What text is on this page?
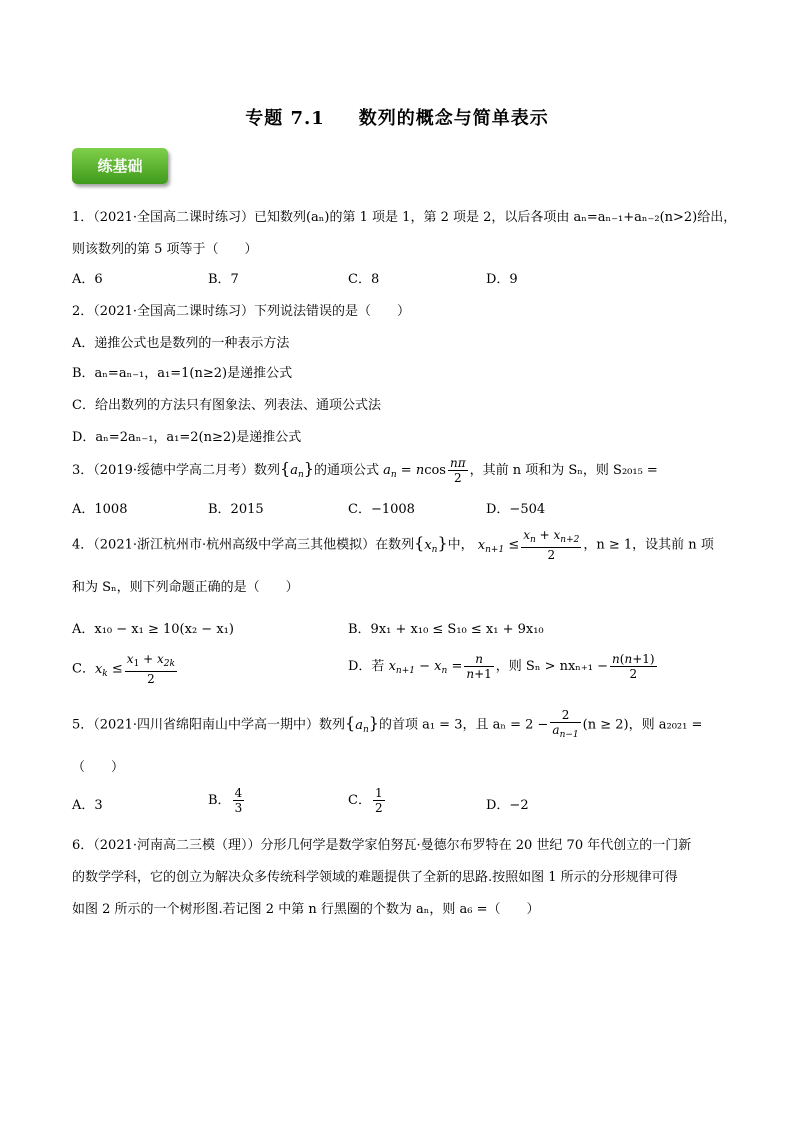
专题 7.1 数列的概念与简单表示
练基础
1．（2021·全国高二课时练习）已知数列(aₙ)的第 1 项是 1，第 2 项是 2，以后各项由 aₙ=aₙ₋₁+aₙ₋₂(n>2)给出，
则该数列的第 5 项等于（　　）
A．6	B．7	C．8	D．9
2．（2021·全国高二课时练习）下列说法错误的是（　　）
A．递推公式也是数列的一种表示方法
B．aₙ=aₙ₋₁，a₁=1(n≥2)是递推公式
C．给出数列的方法只有图象法、列表法、通项公式法
D．aₙ=2aₙ₋₁，a₁=2(n≥2)是递推公式
3．（2019·绥德中学高二月考）数列$\{a_n\}$的通项公式 $a_n = ncos \frac{n\pi}{2}$ ，其前 n 项和为 Sₙ，则 S₂₀₁₅ =
A．1008	B．2015	C．−1008	D．−504
4．（2021·浙江杭州市·杭州高级中学高三其他模拟）在数列$\{x_n\}$中， $x_{n+1} \le \frac{x_n + x_{n+2}}{2}$ ，n ≥ 1，设其前 n 项
和为 Sₙ，则下列命题正确的是（　　）
A．x₁₀ − x₁ ≥ 10(x₂ − x₁)	B．9x₁ + x₁₀ ≤ S₁₀ ≤ x₁ + 9x₁₀
C．$x_k \le \frac{x_1 + x_{2k}}{2}$	D．若 $x_{n+1} - x_n = \frac{n}{n+1}$ ，则 $S_n > nx_{n+1} - \frac{n(n+1)}{2}$
5．（2021·四川省绵阳南山中学高一期中）数列$\{a_n\}$的首项 a₁ = 3，且 $a_n = 2 - \frac{2}{a_{n-1}} (n \ge 2)$，则 a₂₀₂₁ =
（　　）
A．3	B． $\frac{4}{3}$	C． $\frac{1}{2}$	D．−2
6．（2021·河南高二三模（理））分形几何学是数学家伯努瓦·曼德尔布罗特在 20 世纪 70 年代创立的一门新
的数学学科，它的创立为解决众多传统科学领域的难题提供了全新的思路.按照如图 1 所示的分形规律可得
如图 2 所示的一个树形图.若记图 2 中第 n 行黑圈的个数为 aₙ，则 a₆ =（　　）
